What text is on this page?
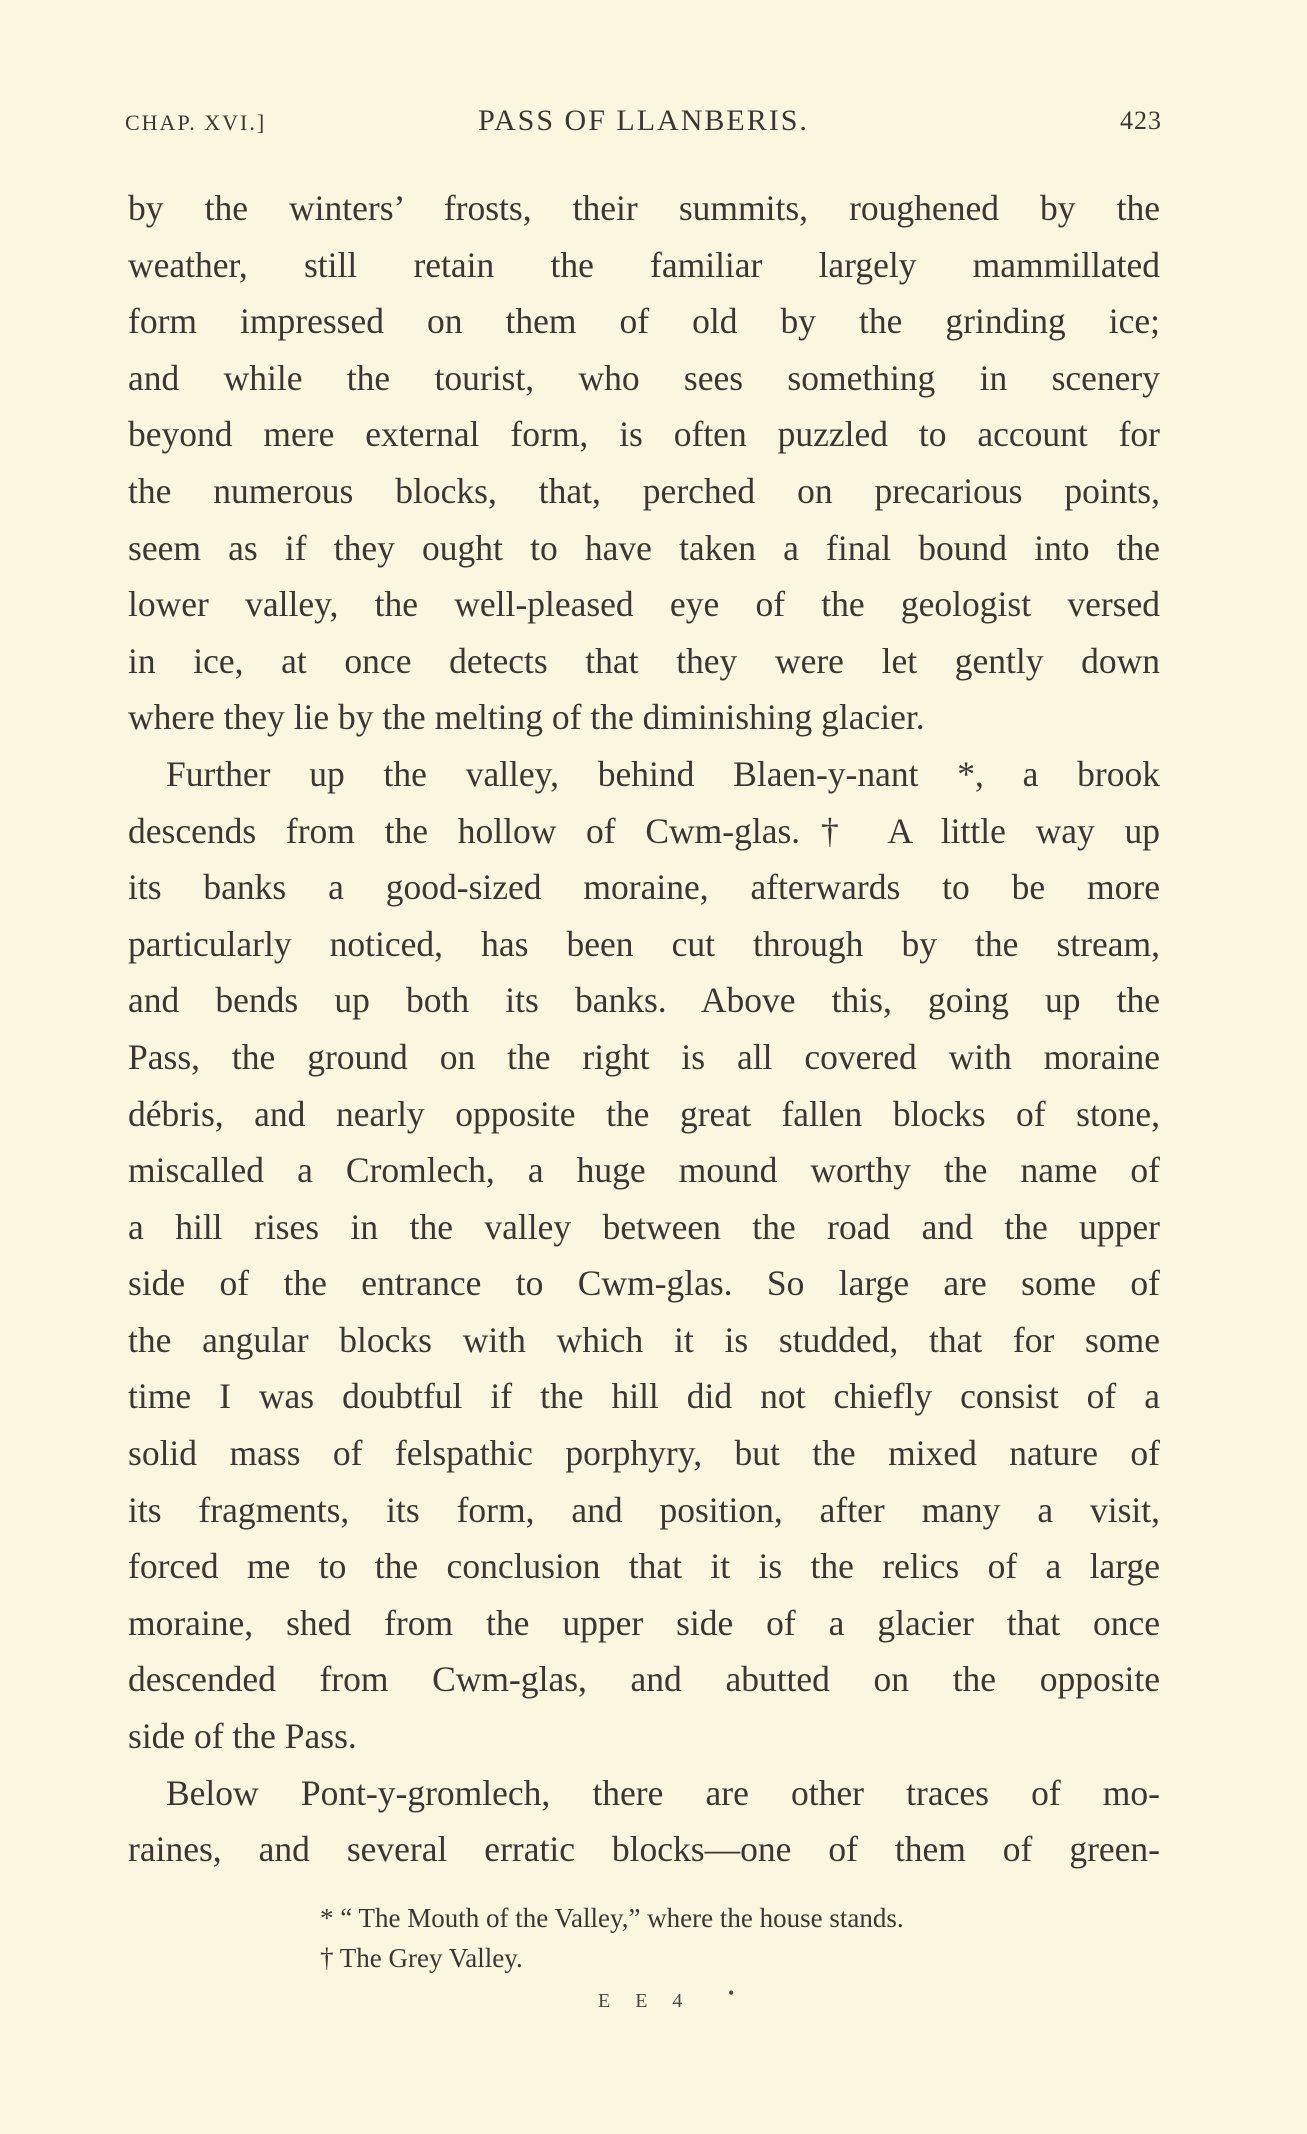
CHAP. XVI.]	PASS OF LLANBERIS.	423

by the winters’ frosts, their summits, roughened by the

weather, still retain the familiar largely mammillated

form impressed on them of old by the grinding ice;

and while the tourist, who sees something in scenery

beyond mere external form, is often puzzled to account for

the numerous blocks, that, perched on precarious points,

seem as if they ought to have taken a final bound into the

lower valley, the well-pleased eye of the geologist versed

in ice, at once detects that they were let gently down

where they lie by the melting of the diminishing glacier.

Further up the valley, behind Blaen-y-nant *, a brook

descends from the hollow of Cwm-glas.† A little way up

its banks a good-sized moraine, afterwards to be more

particularly noticed, has been cut through by the stream,

and bends up both its banks. Above this, going up the

Pass, the ground on the right is all covered with moraine

débris, and nearly opposite the great fallen blocks of stone,

miscalled a Cromlech, a huge mound worthy the name of

a hill rises in the valley between the road and the upper

side of the entrance to Cwm-glas. So large are some of

the angular blocks with which it is studded, that for some

time I was doubtful if the hill did not chiefly consist of a

solid mass of felspathic porphyry, but the mixed nature of

its fragments, its form, and position, after many a visit,

forced me to the conclusion that it is the relics of a large

moraine, shed from the upper side of a glacier that once

descended from Cwm-glas, and abutted on the opposite

side of the Pass.

Below Pont-y-gromlech, there are other traces of mo-

raines, and several erratic blocks—one of them of green-

* “ The Mouth of the Valley,” where the house stands.
† The Grey Valley.
E E 4 •
